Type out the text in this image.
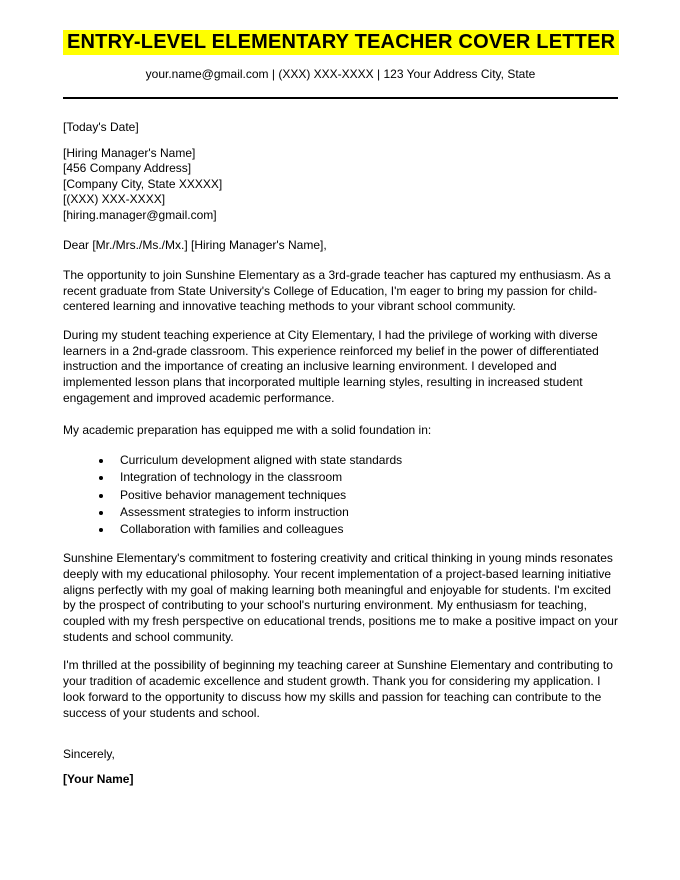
ENTRY-LEVEL ELEMENTARY TEACHER COVER LETTER
your.name@gmail.com | (XXX) XXX-XXXX | 123 Your Address City, State

[Today's Date]

[Hiring Manager's Name]
[456 Company Address]
[Company City, State XXXXX]
[(XXX) XXX-XXXX]
[hiring.manager@gmail.com]

Dear [Mr./Mrs./Ms./Mx.] [Hiring Manager's Name],

The opportunity to join Sunshine Elementary as a 3rd-grade teacher has captured my enthusiasm. As a recent graduate from State University's College of Education, I'm eager to bring my passion for child-centered learning and innovative teaching methods to your vibrant school community.

During my student teaching experience at City Elementary, I had the privilege of working with diverse learners in a 2nd-grade classroom. This experience reinforced my belief in the power of differentiated instruction and the importance of creating an inclusive learning environment. I developed and implemented lesson plans that incorporated multiple learning styles, resulting in increased student engagement and improved academic performance.

My academic preparation has equipped me with a solid foundation in:

• Curriculum development aligned with state standards
• Integration of technology in the classroom
• Positive behavior management techniques
• Assessment strategies to inform instruction
• Collaboration with families and colleagues

Sunshine Elementary's commitment to fostering creativity and critical thinking in young minds resonates deeply with my educational philosophy. Your recent implementation of a project-based learning initiative aligns perfectly with my goal of making learning both meaningful and enjoyable for students. I'm excited by the prospect of contributing to your school's nurturing environment. My enthusiasm for teaching, coupled with my fresh perspective on educational trends, positions me to make a positive impact on your students and school community.

I'm thrilled at the possibility of beginning my teaching career at Sunshine Elementary and contributing to your tradition of academic excellence and student growth. Thank you for considering my application. I look forward to the opportunity to discuss how my skills and passion for teaching can contribute to the success of your students and school.

Sincerely,

[Your Name]
